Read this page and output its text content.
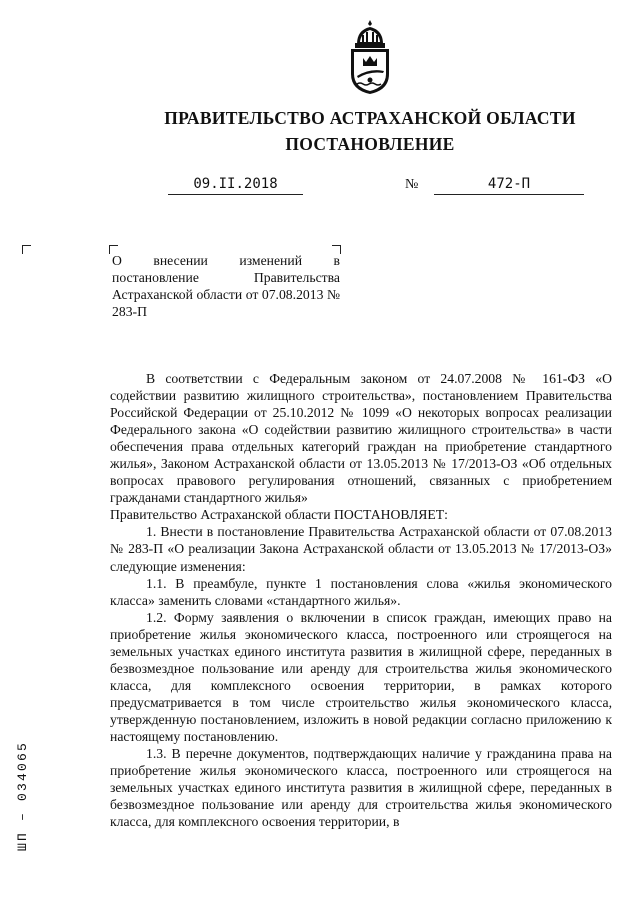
ПРАВИТЕЛЬСТВО АСТРАХАНСКОЙ ОБЛАСТИ
ПОСТАНОВЛЕНИЕ
09.II.2018	№	472-П
О внесении изменений в постановление Правительства Астраханской области от 07.08.2013 № 283-П

В соответствии с Федеральным законом от 24.07.2008 № 161-ФЗ «О содействии развитию жилищного строительства», постановлением Правительства Российской Федерации от 25.10.2012 № 1099 «О некоторых вопросах реализации Федерального закона «О содействии развитию жилищного строительства» в части обеспечения права отдельных категорий граждан на приобретение стандартного жилья», Законом Астраханской области от 13.05.2013 № 17/2013-ОЗ «Об отдельных вопросах правового регулирования отношений, связанных с приобретением гражданами стандартного жилья»

Правительство Астраханской области ПОСТАНОВЛЯЕТ:

1. Внести в постановление Правительства Астраханской области от 07.08.2013 № 283-П «О реализации Закона Астраханской области от 13.05.2013 № 17/2013-ОЗ» следующие изменения:

1.1. В преамбуле, пункте 1 постановления слова «жилья экономического класса» заменить словами «стандартного жилья».

1.2. Форму заявления о включении в список граждан, имеющих право на приобретение жилья экономического класса, построенного или строящегося на земельных участках единого института развития в жилищной сфере, переданных в безвозмездное пользование или аренду для строительства жилья экономического класса, для комплексного освоения территории, в рамках которого предусматривается в том числе строительство жилья экономического класса, утвержденную постановлением, изложить в новой редакции согласно приложению к настоящему постановлению.

1.3. В перечне документов, подтверждающих наличие у гражданина права на приобретение жилья экономического класса, построенного или строящегося на земельных участках единого института развития в жилищной сфере, переданных в безвозмездное пользование или аренду для строительства жилья экономического класса, для комплексного освоения территории, в

ШП – 034065
